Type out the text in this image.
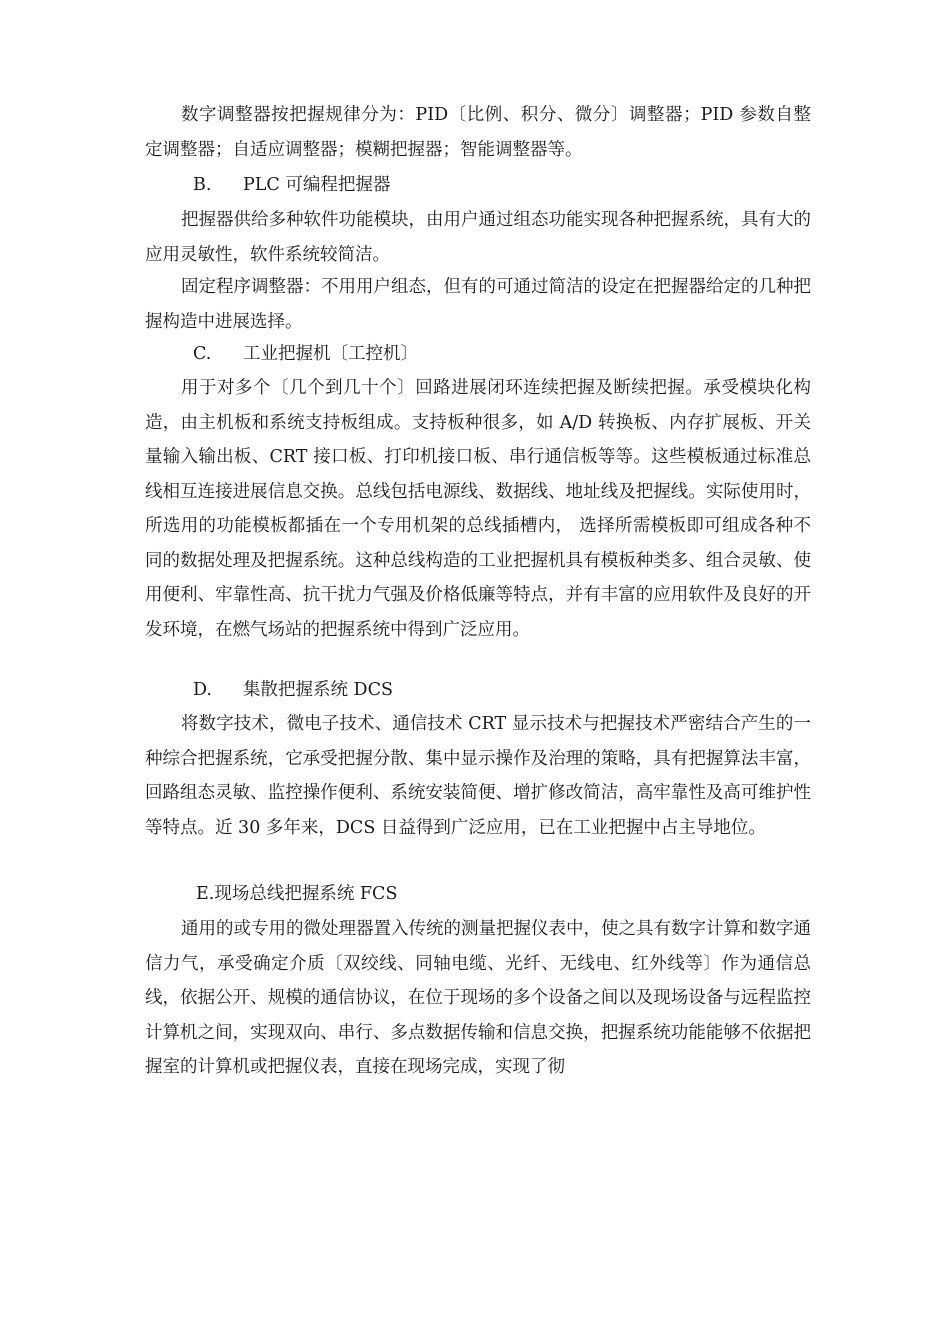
数字调整器按把握规律分为：PID〔比例、积分、微分〕调整器；PID 参数自整定调整器；自适应调整器；模糊把握器；智能调整器等。

B. PLC 可编程把握器

把握器供给多种软件功能模块，由用户通过组态功能实现各种把握系统，具有大的应用灵敏性，软件系统较简洁。

固定程序调整器：不用用户组态，但有的可通过简洁的设定在把握器给定的几种把握构造中进展选择。

C. 工业把握机〔工控机〕

用于对多个〔几个到几十个〕回路进展闭环连续把握及断续把握。承受模块化构造，由主机板和系统支持板组成。支持板种很多，如 A/D 转换板、内存扩展板、开关量输入输出板、CRT 接口板、打印机接口板、串行通信板等等。这些模板通过标准总线相互连接进展信息交换。总线包括电源线、数据线、地址线及把握线。实际使用时，所选用的功能模板都插在一个专用机架的总线插槽内， 选择所需模板即可组成各种不同的数据处理及把握系统。这种总线构造的工业把握机具有模板种类多、组合灵敏、使用便利、牢靠性高、抗干扰力气强及价格低廉等特点，并有丰富的应用软件及良好的开发环境，在燃气场站的把握系统中得到广泛应用。

D. 集散把握系统 DCS

将数字技术，微电子技术、通信技术 CRT 显示技术与把握技术严密结合产生的一种综合把握系统，它承受把握分散、集中显示操作及治理的策略，具有把握算法丰富，回路组态灵敏、监控操作便利、系统安装简便、增扩修改简洁，高牢靠性及高可维护性等特点。近 30 多年来，DCS 日益得到广泛应用，已在工业把握中占主导地位。

E.现场总线把握系统 FCS

通用的或专用的微处理器置入传统的测量把握仪表中，使之具有数字计算和数字通信力气，承受确定介质〔双绞线、同轴电缆、光纤、无线电、红外线等〕作为通信总线，依据公开、规模的通信协议，在位于现场的多个设备之间以及现场设备与远程监控计算机之间，实现双向、串行、多点数据传输和信息交换，把握系统功能能够不依据把握室的计算机或把握仪表，直接在现场完成，实现了彻
